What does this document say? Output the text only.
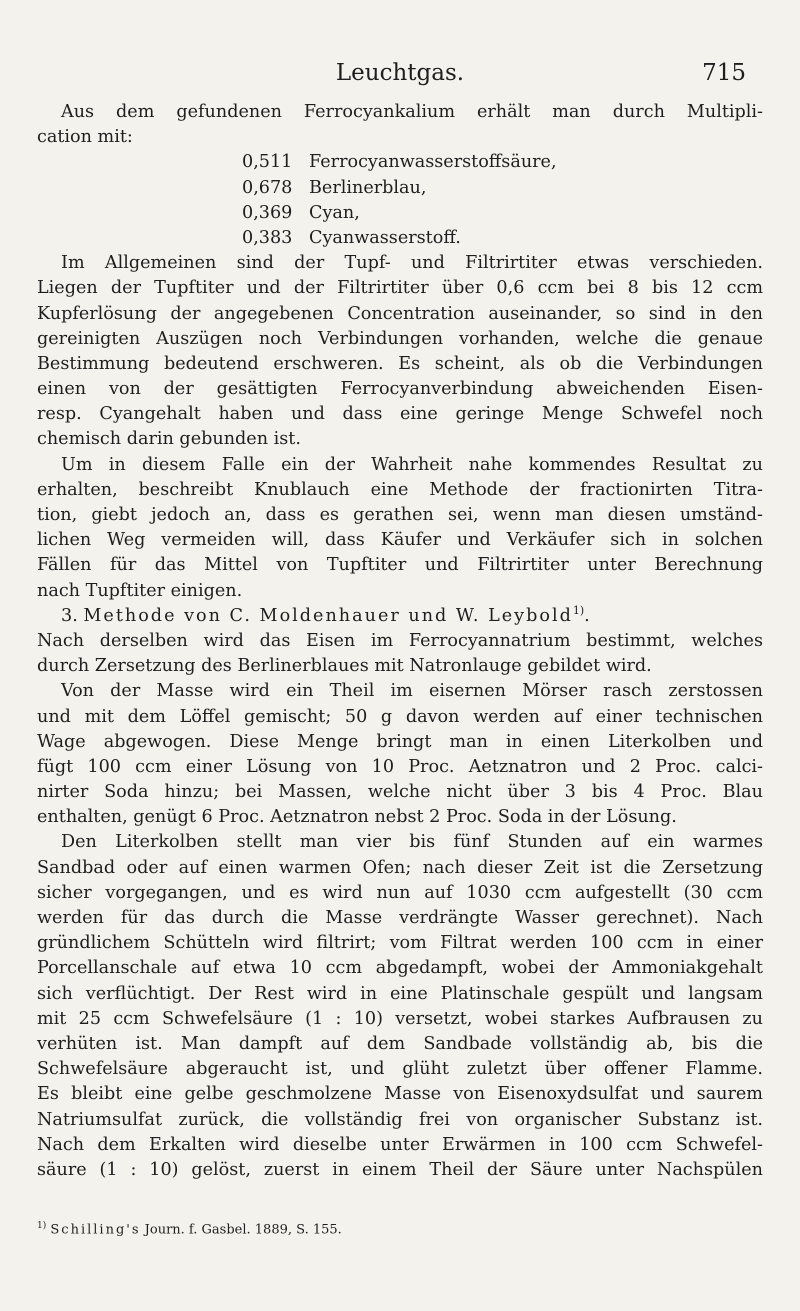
Leuchtgas.	715
Aus dem gefundenen Ferrocyankalium erhält man durch Multipli-
cation mit:
0,511 Ferrocyanwasserstoffsäure,
0,678 Berlinerblau,
0,369 Cyan,
0,383 Cyanwasserstoff.
Im Allgemeinen sind der Tupf- und Filtrirtiter etwas verschieden.
Liegen der Tupftiter und der Filtrirtiter über 0,6 ccm bei 8 bis 12 ccm
Kupferlösung der angegebenen Concentration auseinander, so sind in den
gereinigten Auszügen noch Verbindungen vorhanden, welche die genaue
Bestimmung bedeutend erschweren. Es scheint, als ob die Verbindungen
einen von der gesättigten Ferrocyanverbindung abweichenden Eisen-
resp. Cyangehalt haben und dass eine geringe Menge Schwefel noch
chemisch darin gebunden ist.
Um in diesem Falle ein der Wahrheit nahe kommendes Resultat zu
erhalten, beschreibt Knublauch eine Methode der fractionirten Titra-
tion, giebt jedoch an, dass es gerathen sei, wenn man diesen umständ-
lichen Weg vermeiden will, dass Käufer und Verkäufer sich in solchen
Fällen für das Mittel von Tupftiter und Filtrirtiter unter Berechnung
nach Tupftiter einigen.
3. Methode von C. Moldenhauer und W. Leybold$^{1)}$.
Nach derselben wird das Eisen im Ferrocyannatrium bestimmt, welches
durch Zersetzung des Berlinerblaues mit Natronlauge gebildet wird.
Von der Masse wird ein Theil im eisernen Mörser rasch zerstossen
und mit dem Löffel gemischt; 50 g davon werden auf einer technischen
Wage abgewogen. Diese Menge bringt man in einen Literkolben und
fügt 100 ccm einer Lösung von 10 Proc. Aetznatron und 2 Proc. calci-
nirter Soda hinzu; bei Massen, welche nicht über 3 bis 4 Proc. Blau
enthalten, genügt 6 Proc. Aetznatron nebst 2 Proc. Soda in der Lösung.
Den Literkolben stellt man vier bis fünf Stunden auf ein warmes
Sandbad oder auf einen warmen Ofen; nach dieser Zeit ist die Zersetzung
sicher vorgegangen, und es wird nun auf 1030 ccm aufgestellt (30 ccm
werden für das durch die Masse verdrängte Wasser gerechnet). Nach
gründlichem Schütteln wird filtrirt; vom Filtrat werden 100 ccm in einer
Porcellanschale auf etwa 10 ccm abgedampft, wobei der Ammoniakgehalt
sich verflüchtigt. Der Rest wird in eine Platinschale gespült und langsam
mit 25 ccm Schwefelsäure (1 : 10) versetzt, wobei starkes Aufbrausen zu
verhüten ist. Man dampft auf dem Sandbade vollständig ab, bis die
Schwefelsäure abgeraucht ist, und glüht zuletzt über offener Flamme.
Es bleibt eine gelbe geschmolzene Masse von Eisenoxydsulfat und saurem
Natriumsulfat zurück, die vollständig frei von organischer Substanz ist.
Nach dem Erkalten wird dieselbe unter Erwärmen in 100 ccm Schwefel-
säure (1 : 10) gelöst, zuerst in einem Theil der Säure unter Nachspülen
$^{1)}$ Schilling's Journ. f. Gasbel. 1889, S. 155.
